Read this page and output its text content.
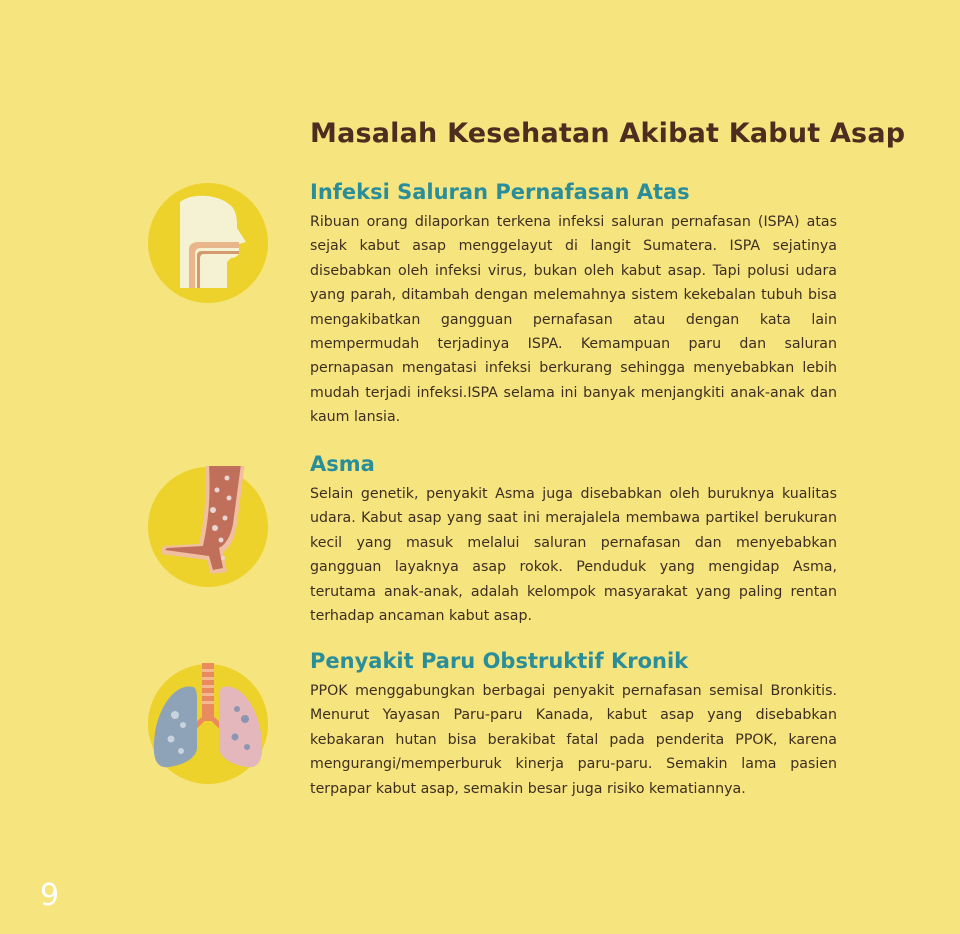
Masalah Kesehatan Akibat Kabut Asap
Infeksi Saluran Pernafasan Atas

Ribuan orang dilaporkan terkena infeksi saluran pernafasan (ISPA) atas sejak kabut asap menggelayut di langit Sumatera. ISPA sejatinya disebabkan oleh infeksi virus, bukan oleh kabut asap. Tapi polusi udara yang parah, ditambah dengan melemahnya sistem kekebalan tubuh bisa mengakibatkan gangguan pernafasan atau dengan kata lain mempermudah terjadinya ISPA. Kemampuan paru dan saluran pernapasan mengatasi infeksi berkurang sehingga menyebabkan lebih mudah terjadi infeksi.ISPA selama ini banyak menjangkiti anak-anak dan kaum lansia.

Asma

Selain genetik, penyakit Asma juga disebabkan oleh buruknya kualitas udara. Kabut asap yang saat ini merajalela membawa partikel berukuran kecil yang masuk melalui saluran pernafasan dan menyebabkan gangguan layaknya asap rokok. Penduduk yang mengidap Asma, terutama anak-anak, adalah kelompok masyarakat yang paling rentan terhadap ancaman kabut asap.

Penyakit Paru Obstruktif Kronik

PPOK menggabungkan berbagai penyakit pernafasan semisal Bronkitis. Menurut Yayasan Paru-paru Kanada, kabut asap yang disebabkan kebakaran hutan bisa berakibat fatal pada penderita PPOK, karena mengurangi/memperburuk kinerja paru-paru. Semakin lama pasien terpapar kabut asap, semakin besar juga risiko kematiannya.

9
